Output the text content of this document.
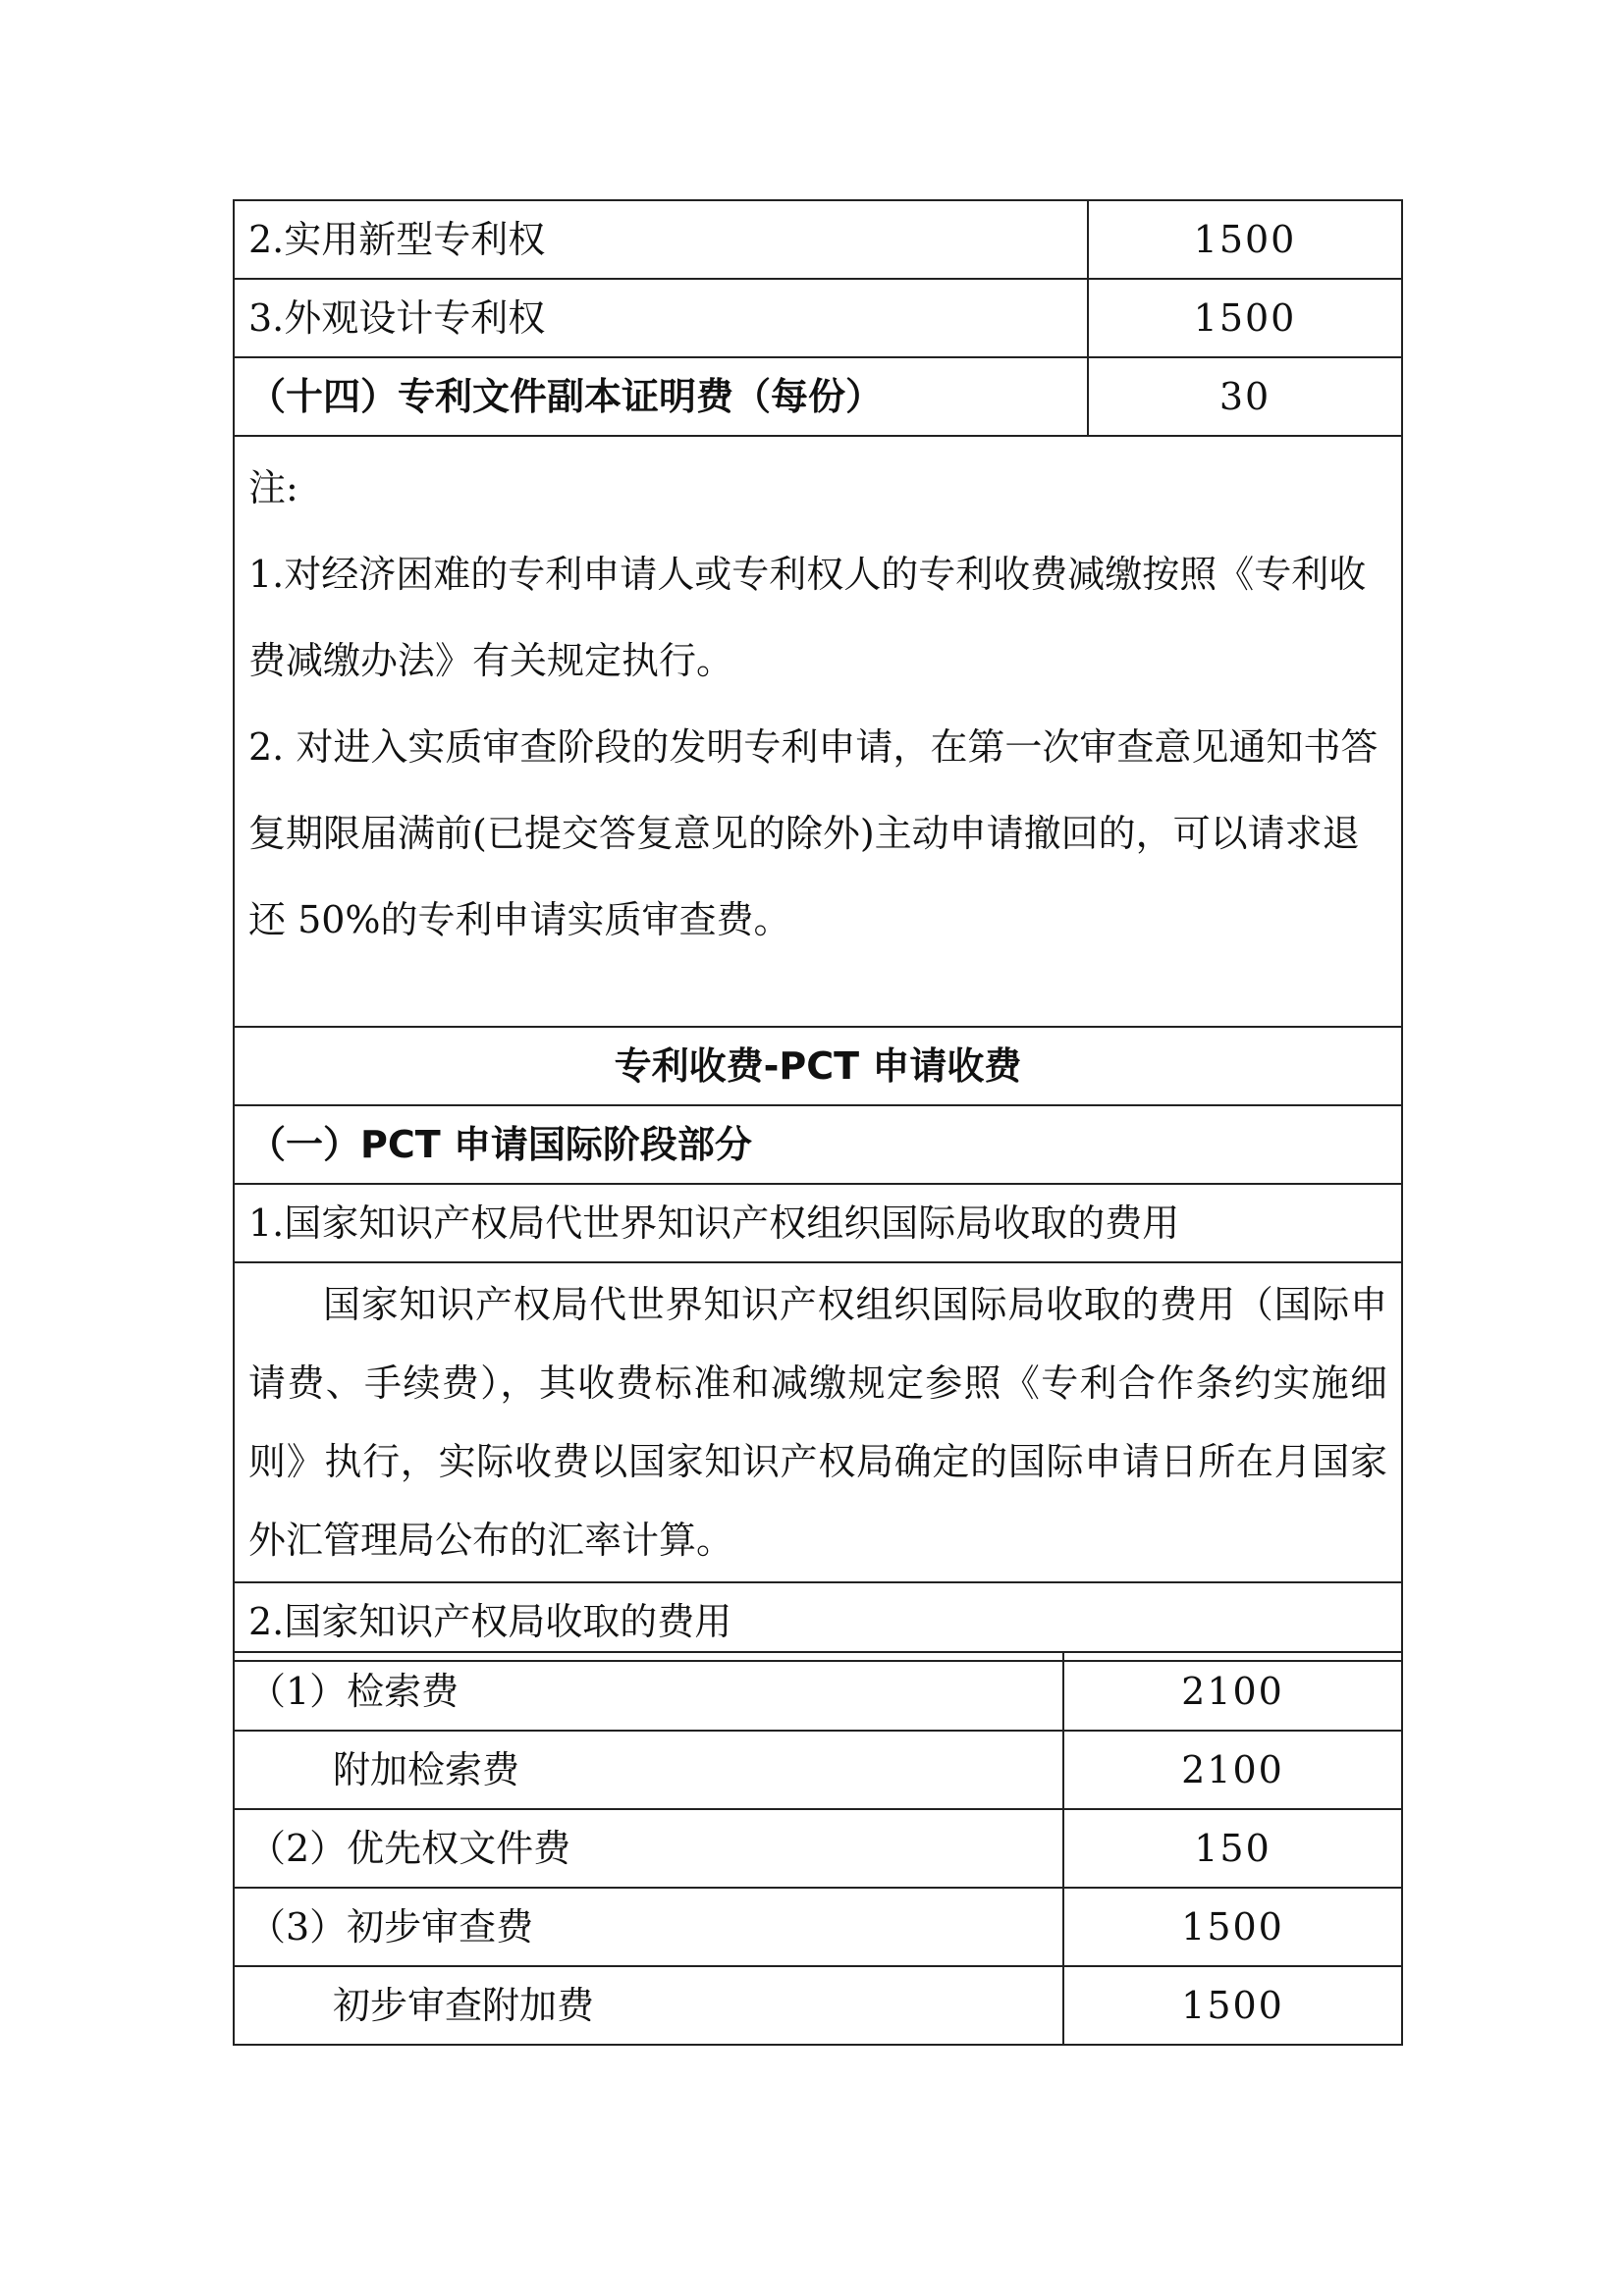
2.实用新型专利权	1500
3.外观设计专利权	1500
（十四）专利文件副本证明费（每份）	30

注:
1.对经济困难的专利申请人或专利权人的专利收费减缴按照《专利收费减缴办法》有关规定执行。
2. 对进入实质审查阶段的发明专利申请，在第一次审查意见通知书答复期限届满前(已提交答复意见的除外)主动申请撤回的，可以请求退还 50%的专利申请实质审查费。	

专利收费-PCT 申请收费	
（一）PCT 申请国际阶段部分	
1.国家知识产权局代世界知识产权组织国际局收取的费用	

国家知识产权局代世界知识产权组织国际局收取的费用（国际申请费、手续费），其收费标准和减缴规定参照《专利合作条约实施细则》执行，实际收费以国家知识产权局确定的国际申请日所在月国家外汇管理局公布的汇率计算。	

2.国家知识产权局收取的费用	
（1）检索费	2100
附加检索费	2100
（2）优先权文件费	150
（3）初步审查费	1500
初步审查附加费	1500
